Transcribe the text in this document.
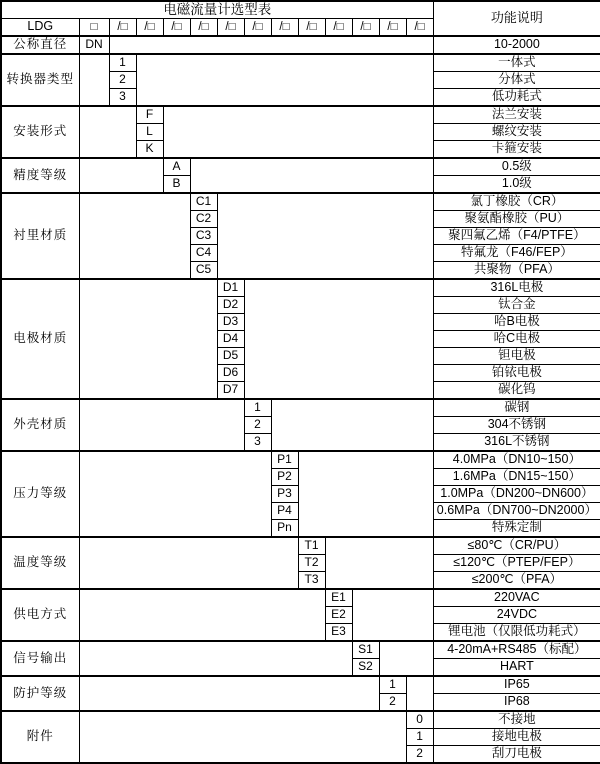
电磁流量计选型表														功能说明
LDG	□	/□	/□	/□	/□	/□	/□	/□	/□	/□	/□	/□	/□	
公称直径	DN													10-2000
转换器类型		1												一体式
		2												分体式
		3												低功耗式
安装形式			F											法兰安装
			L											螺纹安装
			K											卡箍安装
精度等级				A										0.5级
				B										1.0级
衬里材质					C1									氯丁橡胶（CR）
					C2									聚氨酯橡胶（PU）
					C3									聚四氟乙烯（F4/PTFE）
					C4									特氟龙（F46/FEP）
					C5									共聚物（PFA）
电极材质						D1								316L电极
						D2								钛合金
						D3								哈B电极
						D4								哈C电极
						D5								钽电极
						D6								铂铱电极
						D7								碳化钨
外壳材质							1							碳钢
							2							304不锈钢
							3							316L不锈钢
压力等级								P1						4.0MPa（DN10~150）
								P2						1.6MPa（DN15~150）
								P3						1.0MPa（DN200~DN600）
								P4						0.6MPa（DN700~DN2000）
								Pn						特殊定制
温度等级									T1					≤80℃（CR/PU）
									T2					≤120℃（PTEP/FEP）
									T3					≤200℃（PFA）
供电方式										E1				220VAC
										E2				24VDC
										E3				锂电池（仅限低功耗式）
信号输出											S1			4-20mA+RS485（标配）
											S2			HART
防护等级												1		IP65
												2		IP68
附件													0	不接地
													1	接地电极
													2	刮刀电极
